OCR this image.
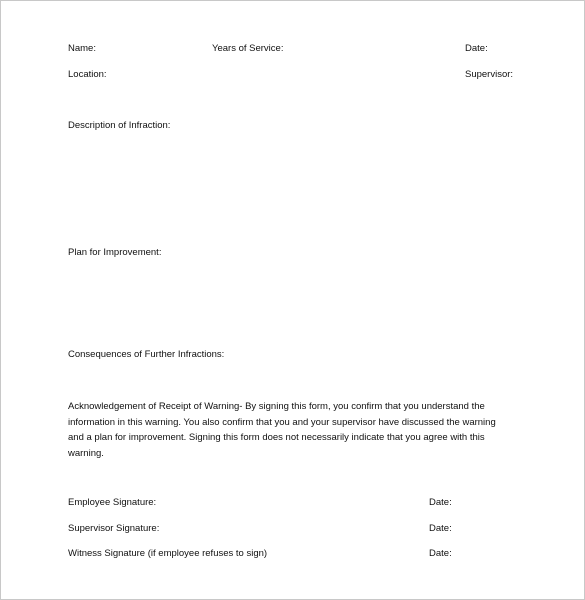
Name:	Years of Service:	Date:
Location:	Supervisor:
Description of Infraction:
Plan for Improvement:
Consequences of Further Infractions:
Acknowledgement of Receipt of Warning- By signing this form, you confirm that you understand the
information in this warning. You also confirm that you and your supervisor have discussed the warning
and a plan for improvement. Signing this form does not necessarily indicate that you agree with this
warning.
Employee Signature:	Date:
Supervisor Signature:	Date:
Witness Signature (if employee refuses to sign)	Date:
